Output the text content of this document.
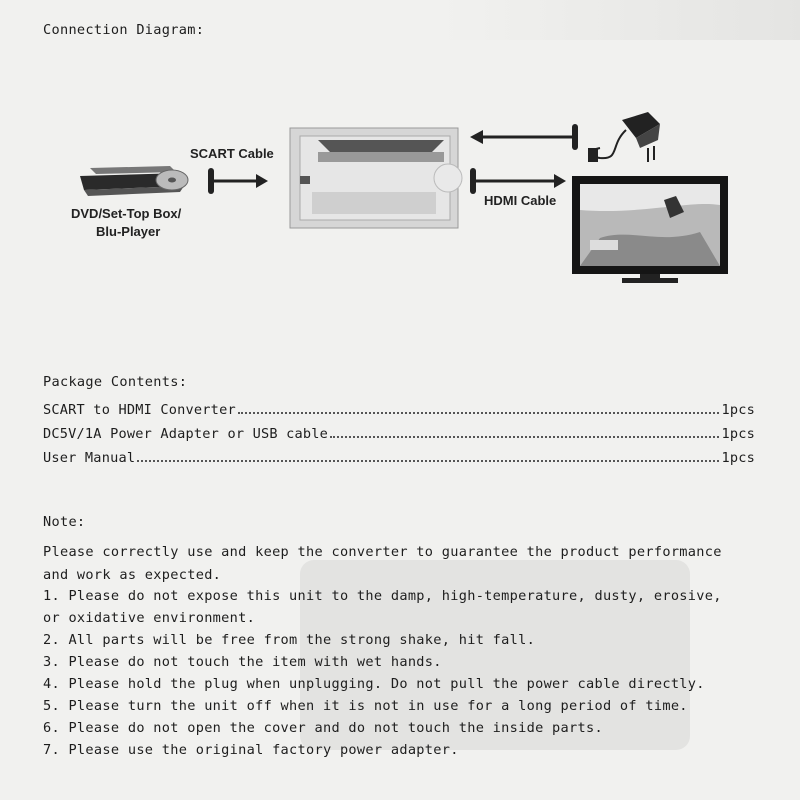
Connection Diagram:
SCART Cable
HDMI Cable
DVD/Set-Top Box/
Blu-Player
Package Contents:
SCART to HDMI Converter	1pcs
DC5V/1A Power Adapter or USB cable	1pcs
User Manual	1pcs
Note:
Please correctly use and keep the converter to guarantee the product performance
and work as expected.
1. Please do not expose this unit to the damp, high-temperature, dusty, erosive,
or oxidative environment.
2. All parts will be free from the strong shake, hit fall.
3. Please do not touch the item with wet hands.
4. Please hold the plug when unplugging. Do not pull the power cable directly.
5. Please turn the unit off when it is not in use for a long period of time.
6. Please do not open the cover and do not touch the inside parts.
7. Please use the original factory power adapter.
